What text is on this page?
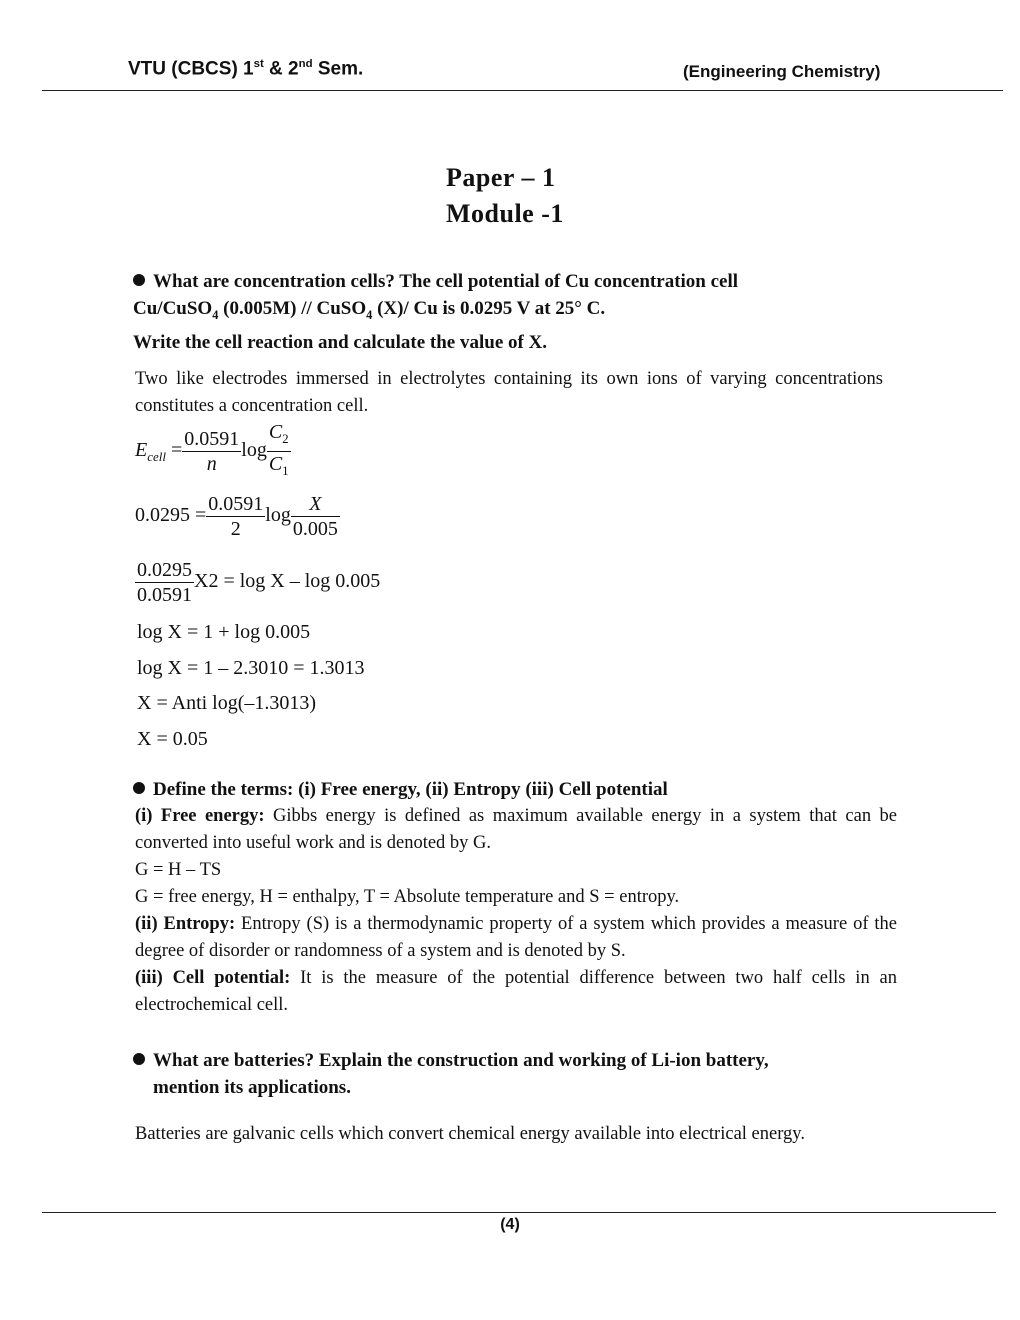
VTU (CBCS) 1st & 2nd Sem.	(Engineering Chemistry)
Paper – 1
Module -1
What are concentration cells? The cell potential of Cu concentration cell
Cu/CuSO$_4$ (0.005M) // CuSO$_4$ (X)/ Cu is 0.0295 V at 25° C.
Write the cell reaction and calculate the value of X.
Two like electrodes immersed in electrolytes containing its own ions of varying concentrations constitutes a concentration cell.
$E_{cell} = \frac{0.0591}{n}$ $\log \frac{C_2}{C_1}$
$0.0295 = \frac{0.0591}{2}$ $\log \frac{X}{0.005}$
$\frac{0.0295}{0.0591} X2 = \log X - \log 0.005$
log X = 1 + log 0.005
log X = 1 – 2.3010 = 1.3013
X = Anti log(–1.3013)
X = 0.05
Define the terms: (i) Free energy, (ii) Entropy (iii) Cell potential
(i) Free energy: Gibbs energy is defined as maximum available energy in a system that can be converted into useful work and is denoted by G.
G = H – TS
G = free energy, H = enthalpy, T = Absolute temperature and S = entropy.
(ii) Entropy: Entropy (S) is a thermodynamic property of a system which provides a measure of the degree of disorder or randomness of a system and is denoted by S.
(iii) Cell potential: It is the measure of the potential difference between two half cells in an electrochemical cell.
What are batteries? Explain the construction and working of Li-ion battery,
mention its applications.
Batteries are galvanic cells which convert chemical energy available into electrical energy.
(4)
